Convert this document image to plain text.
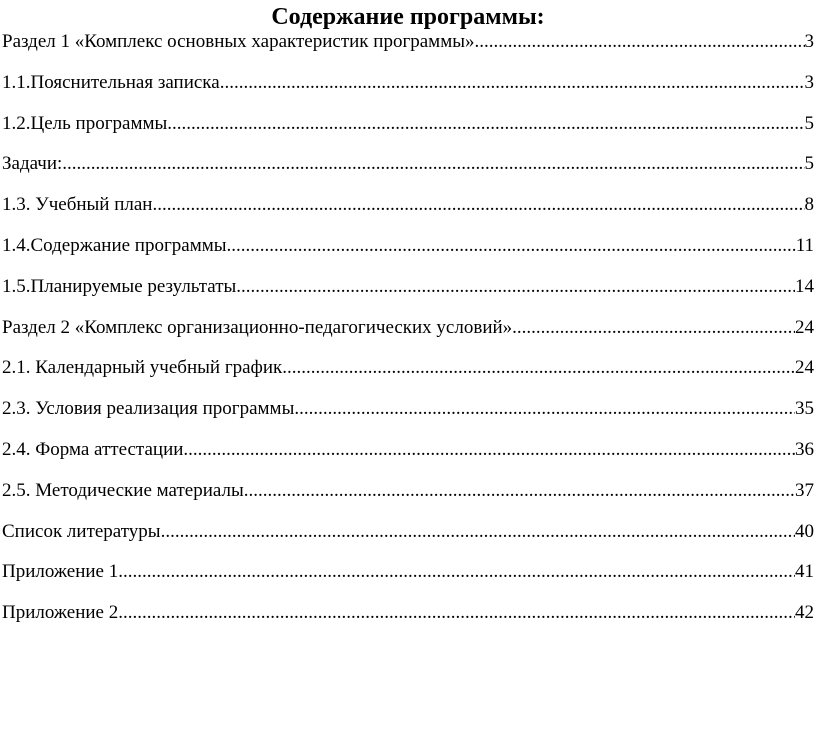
Содержание программы:
Раздел 1 «Комплекс основных характеристик программы» .....	3
1.1.Пояснительная записка .....	3
1.2.Цель программы .....	5
Задачи: .....	5
1.3. Учебный план .....	8
1.4.Содержание программы .....	11
1.5.Планируемые результаты .....	14
Раздел 2 «Комплекс организационно-педагогических условий» .....	24
2.1. Календарный учебный график .....	24
2.3. Условия реализация программы .....	35
2.4. Форма аттестации .....	36
2.5. Методические материалы .....	37
Список литературы .....	40
Приложение 1 .....	41
Приложение 2 .....	42
